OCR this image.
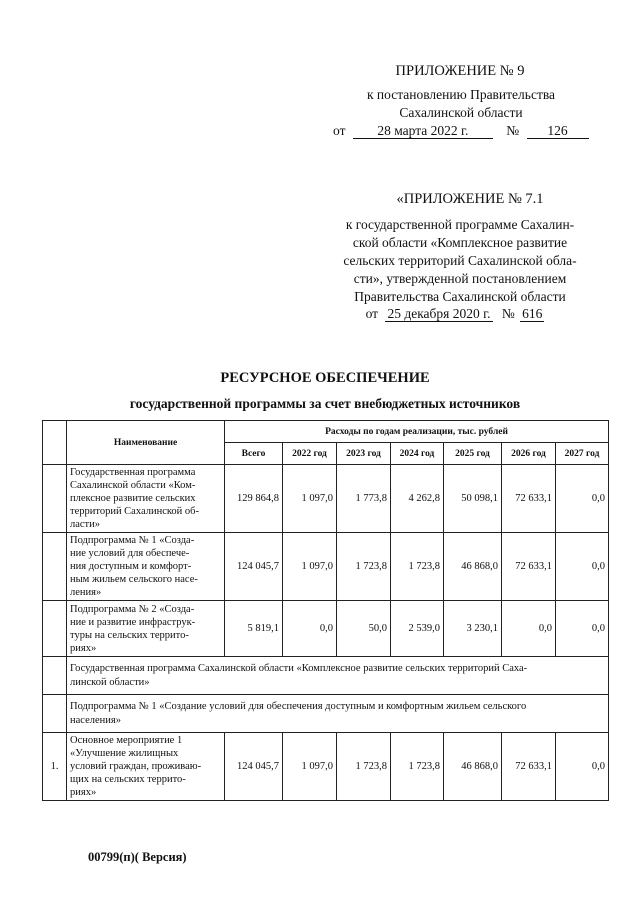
ПРИЛОЖЕНИЕ № 9
к постановлению Правительства
Сахалинской области
от 28 марта 2022 г.	№ 126
«ПРИЛОЖЕНИЕ № 7.1
к государственной программе Сахалин-
ской области «Комплексное развитие
сельских территорий Сахалинской обла-
сти», утвержденной постановлением
Правительства Сахалинской области
от 25 декабря 2020 г. № 616
РЕСУРСНОЕ ОБЕСПЕЧЕНИЕ
государственной программы за счет внебюджетных источников
	Наименование	Расходы по годам реализации, тыс. рублей						
		Всего	2022 год	2023 год	2024 год	2025 год	2026 год	2027 год

	Государственная программа
Сахалинской области «Ком-
плексное развитие сельских
территорий Сахалинской об-
ласти»	129 864,8	1 097,0	1 773,8	4 262,8	50 098,1	72 633,1	0,0

	Подпрограмма № 1 «Созда-
ние условий для обеспече-
ния доступным и комфорт-
ным жильем сельского насе-
ления»	124 045,7	1 097,0	1 723,8	1 723,8	46 868,0	72 633,1	0,0

	Подпрограмма № 2 «Созда-
ние и развитие инфраструк-
туры на сельских террито-
риях»	5 819,1	0,0	50,0	2 539,0	3 230,1	0,0	0,0

	Государственная программа Сахалинской области «Комплексное развитие сельских территорий Саха-
линской области»							

	Подпрограмма № 1 «Создание условий для обеспечения доступным и комфортным жильем сельского
населения»							

1.	Основное мероприятие 1
«Улучшение жилищных
условий граждан, проживаю-
щих на сельских террито-
риях»	124 045,7	1 097,0	1 723,8	1 723,8	46 868,0	72 633,1	0,0
00799(п)( Версия)
